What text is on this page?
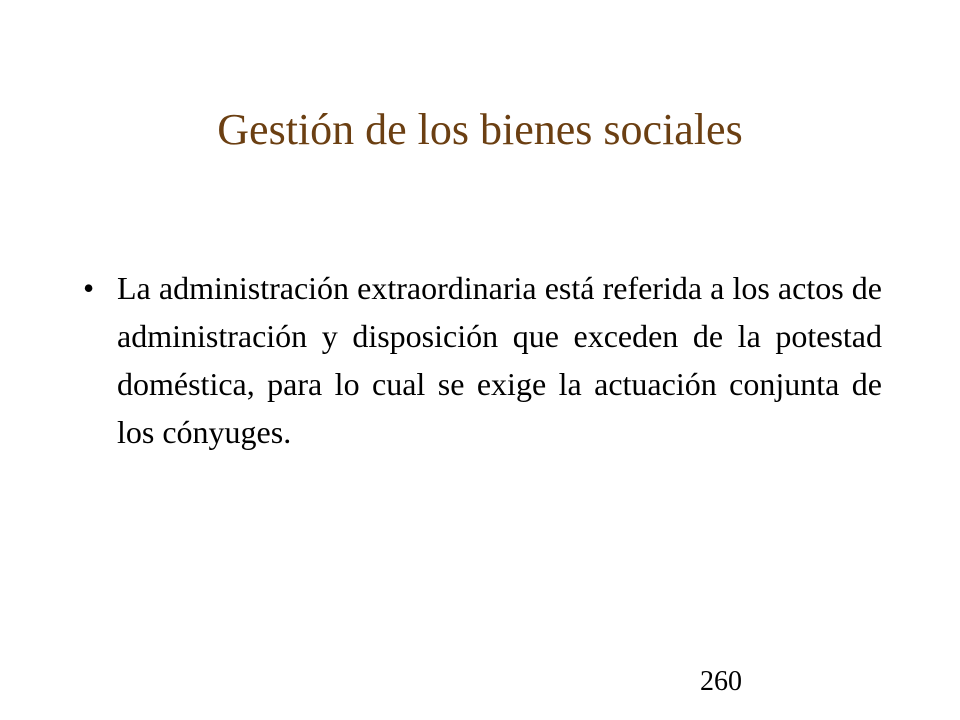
Gestión de los bienes sociales
• La administración extraordinaria está referida a los actos de administración y disposición que exceden de la potestad doméstica, para lo cual se exige la actuación conjunta de los cónyuges.
260
